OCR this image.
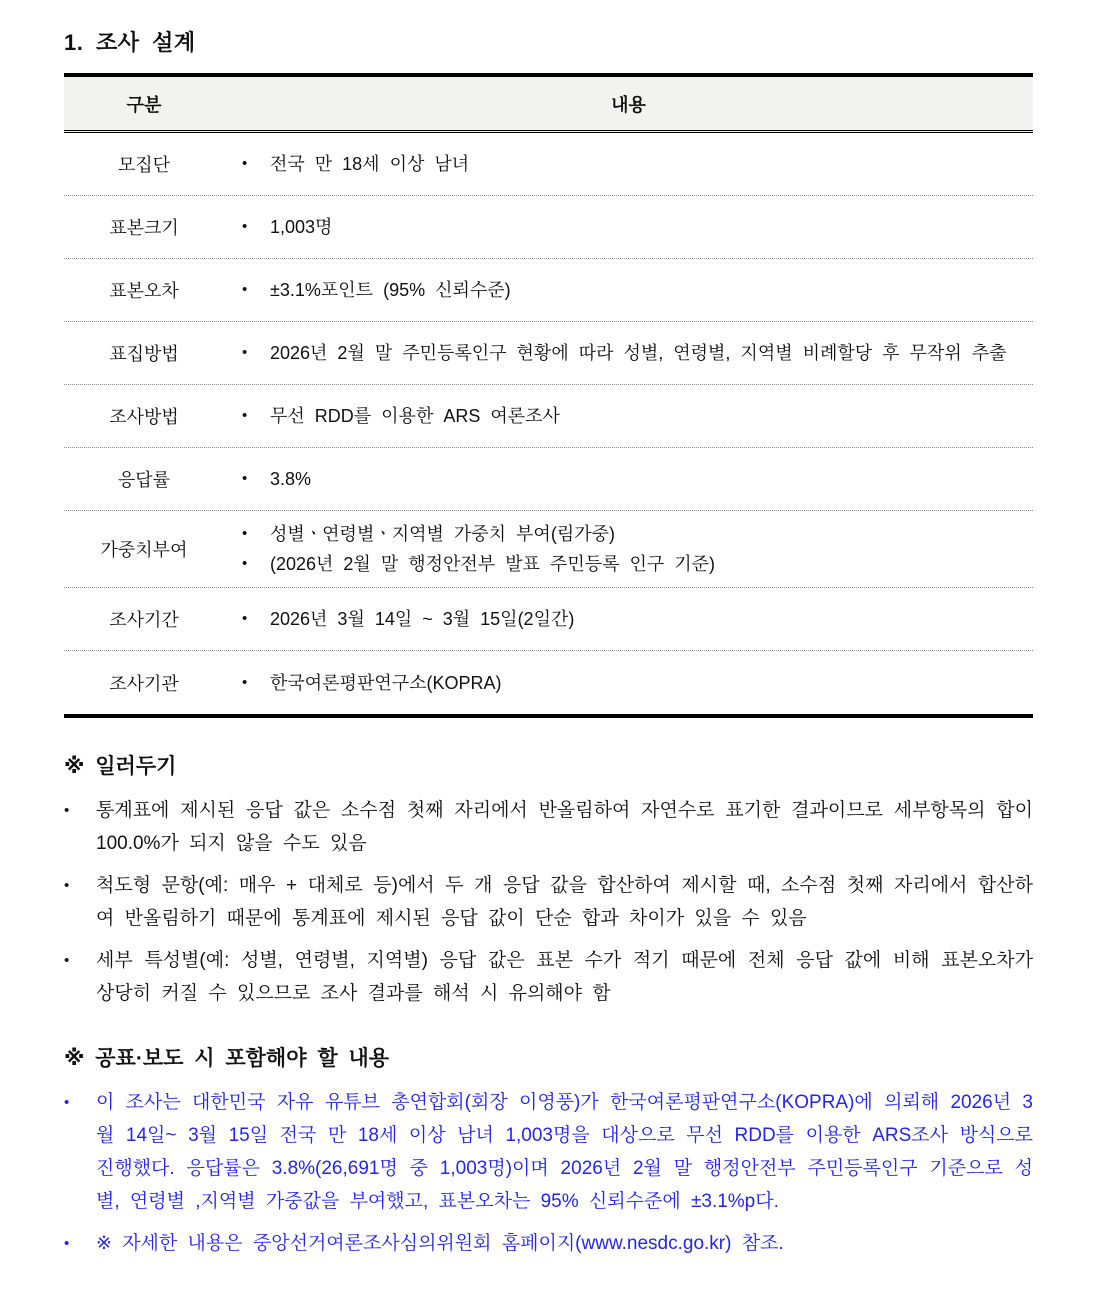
1. 조사 설계
구분	내용
모집단	•	전국 만 18세 이상 남녀
표본크기	•	1,003명
표본오차	•	±3.1%포인트 (95% 신뢰수준)
표집방법	•	2026년 2월 말 주민등록인구 현황에 따라 성별, 연령별, 지역별 비례할당 후 무작위 추출
조사방법	•	무선 RDD를 이용한 ARS 여론조사
응답률	•	3.8%
가중치부여
•	성별ㆍ연령별ㆍ지역별 가중치 부여(림가중)
•	(2026년 2월 말 행정안전부 발표 주민등록 인구 기준)
조사기간	•	2026년 3월 14일 ~ 3월 15일(2일간)
조사기관	•	한국여론평판연구소(KOPRA)
※ 일러두기
•	통계표에 제시된 응답 값은 소수점 첫째 자리에서 반올림하여 자연수로 표기한 결과이므로 세부항목의 합이 100.0%가 되지 않을 수도 있음
•	척도형 문항(예: 매우 + 대체로 등)에서 두 개 응답 값을 합산하여 제시할 때, 소수점 첫째 자리에서 합산하여 반올림하기 때문에 통계표에 제시된 응답 값이 단순 합과 차이가 있을 수 있음
•	세부 특성별(예: 성별, 연령별, 지역별) 응답 값은 표본 수가 적기 때문에 전체 응답 값에 비해 표본오차가 상당히 커질 수 있으므로 조사 결과를 해석 시 유의해야 함
※ 공표·보도 시 포함해야 할 내용
•	이 조사는 대한민국 자유 유튜브 총연합회(회장 이영풍)가 한국여론평판연구소(KOPRA)에 의뢰해 2026년 3월 14일~ 3월 15일 전국 만 18세 이상 남녀 1,003명을 대상으로 무선 RDD를 이용한 ARS조사 방식으로 진행했다. 응답률은 3.8%(26,691명 중 1,003명)이며 2026년 2월 말 행정안전부 주민등록인구 기준으로 성별, 연령별 ,지역별 가중값을 부여했고, 표본오차는 95% 신뢰수준에 ±3.1%p다.
•	※ 자세한 내용은 중앙선거여론조사심의위원회 홈페이지(www.nesdc.go.kr) 참조.
